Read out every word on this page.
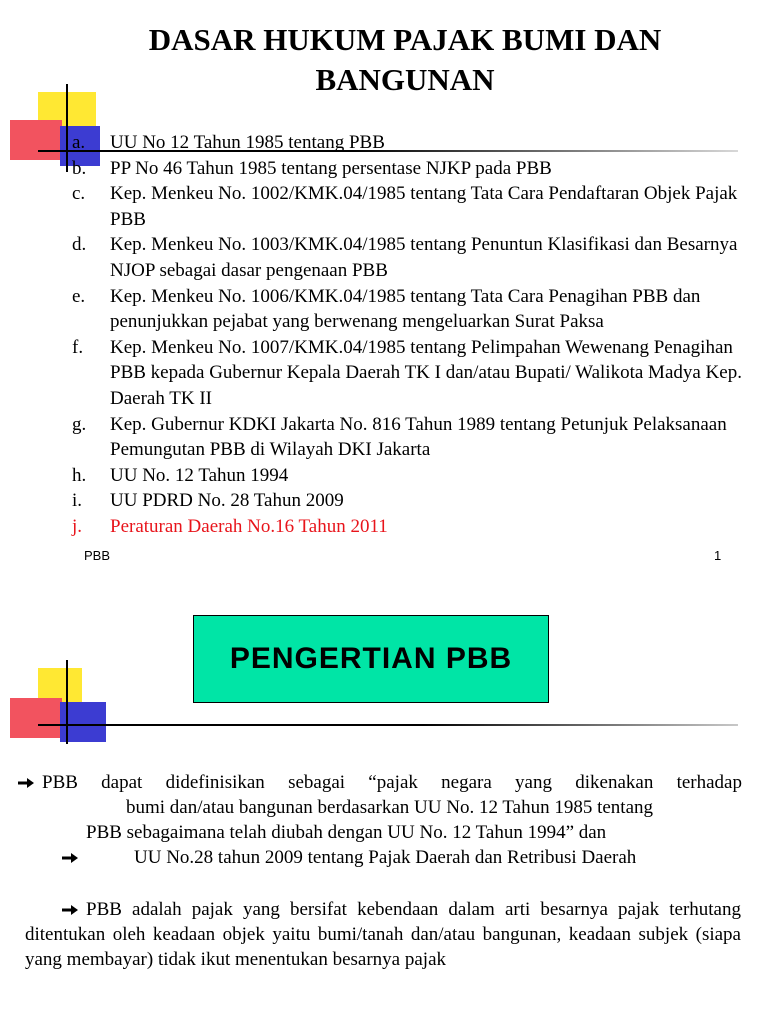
DASAR HUKUM PAJAK BUMI DAN
BANGUNAN
a.	UU No 12 Tahun 1985 tentang PBB
b.	PP No 46 Tahun 1985 tentang persentase NJKP pada PBB
c.	Kep. Menkeu No. 1002/KMK.04/1985 tentang Tata Cara Pendaftaran Objek Pajak PBB
d.	Kep. Menkeu No. 1003/KMK.04/1985 tentang Penuntun Klasifikasi dan Besarnya NJOP sebagai dasar pengenaan PBB
e.	Kep. Menkeu No. 1006/KMK.04/1985 tentang Tata Cara Penagihan PBB dan penunjukkan pejabat yang berwenang mengeluarkan Surat Paksa
f.	Kep. Menkeu No. 1007/KMK.04/1985 tentang Pelimpahan Wewenang Penagihan PBB kepada Gubernur Kepala Daerah TK I dan/atau Bupati/ Walikota Madya Kep. Daerah TK II
g.	Kep. Gubernur KDKI Jakarta No. 816 Tahun 1989 tentang Petunjuk Pelaksanaan Pemungutan PBB di Wilayah DKI Jakarta
h.	UU No. 12 Tahun 1994
i.	UU PDRD No. 28 Tahun 2009
j.	Peraturan Daerah No.16 Tahun 2011
PBB	1
PENGERTIAN PBB
PBB dapat didefinisikan sebagai “pajak negara yang dikenakan terhadap
bumi dan/atau bangunan berdasarkan UU No. 12 Tahun 1985 tentang
PBB sebagaimana telah diubah dengan UU No. 12 Tahun 1994” dan
UU No.28 tahun 2009 tentang Pajak Daerah dan Retribusi Daerah
PBB adalah pajak yang bersifat kebendaan dalam arti besarnya pajak terhutang ditentukan oleh keadaan objek yaitu bumi/tanah dan/atau bangunan, keadaan subjek (siapa yang membayar) tidak ikut menentukan besarnya pajak
